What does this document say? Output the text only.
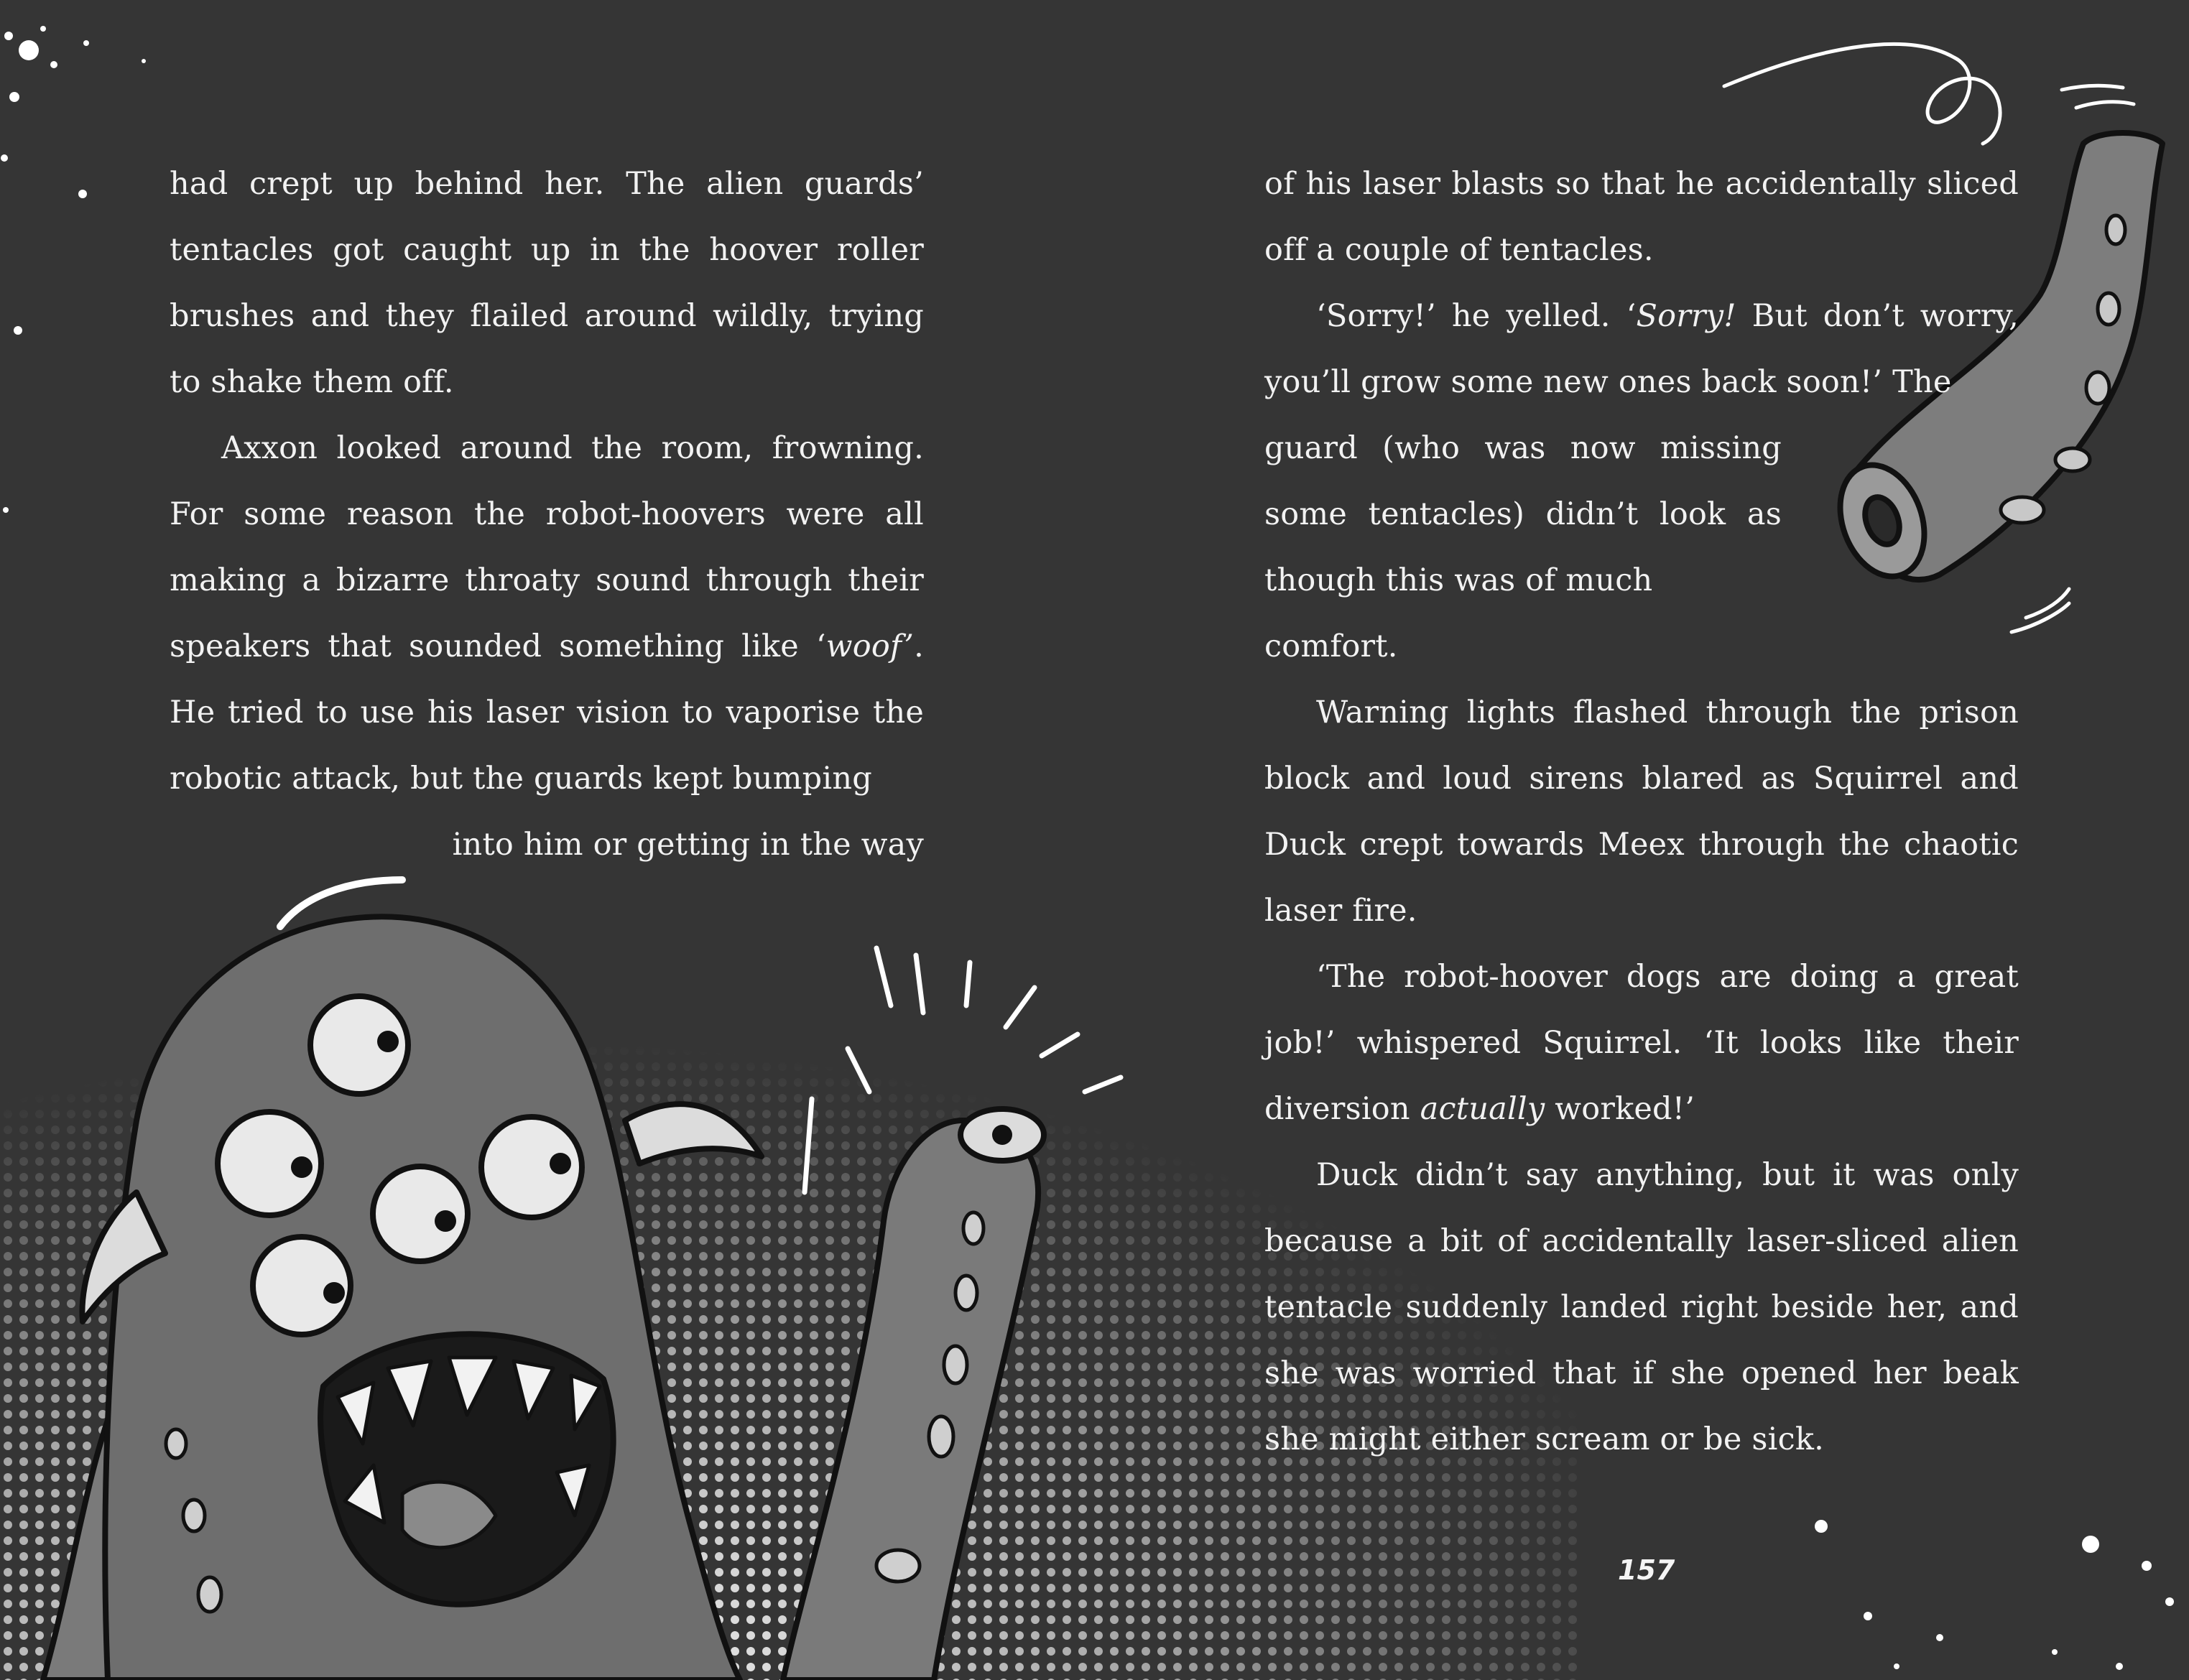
had crept up behind her. The alien guards’ tentacles got caught up in the hoover roller brushes and they flailed around wildly, trying to shake them off.

Axxon looked around the room, frowning. For some reason the robot-hoovers were all making a bizarre throaty sound through their speakers that sounded something like ‘woof’. He tried to use his laser vision to vaporise the robotic attack, but the guards kept bumping

into him or getting in the way

of his laser blasts so that he accidentally sliced off a couple of tentacles.

‘Sorry!’ he yelled. ‘Sorry! But don’t worry, you’ll grow some new ones back soon!’ The

guard (who was now missing some tentacles) didn’t look as though this was of much

comfort.

Warning lights flashed through the prison block and loud sirens blared as Squirrel and Duck crept towards Meex through the chaotic laser fire.

‘The robot-hoover dogs are doing a great job!’ whispered Squirrel. ‘It looks like their diversion actually worked!’

Duck didn’t say anything, but it was only because a bit of accidentally laser-sliced alien tentacle suddenly landed right beside her, and she was worried that if she opened her beak she might either scream or be sick.

157
